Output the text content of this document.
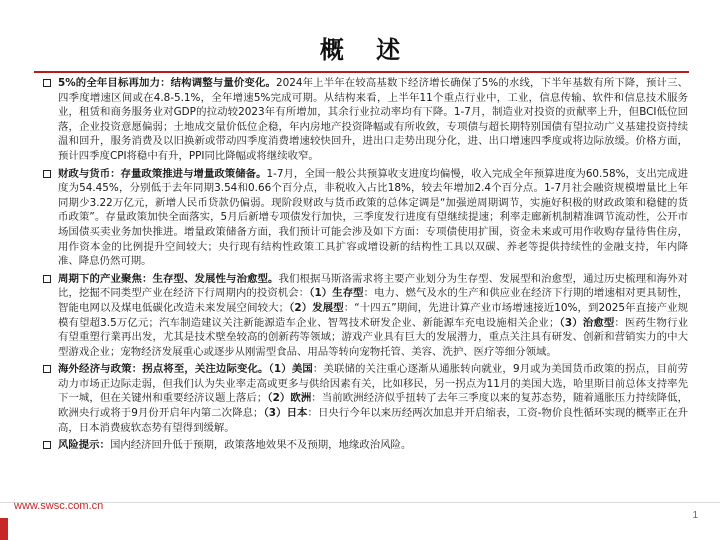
概 述
5%的全年目标再加力：结构调整与量价变化。2024年上半年在较高基数下经济增长确保了5%的水线，下半年基数有所下降，预计三、四季度增速区间或在4.8-5.1%，全年增速5%完成可期。从结构来看，上半年11个重点行业中，工业，信息传输、软件和信息技术服务业，租赁和商务服务业对GDP的拉动较2023年有所增加，其余行业拉动率均有下降。1-7月，制造业对投资的贡献率上升，但BCI低位回落，企业投资意愿偏弱；土地成交量价低位企稳，年内房地产投资降幅或有所收敛，专项债与超长期特别国债有望拉动广义基建投资持续温和回升，服务消费及以旧换新或带动四季度消费增速较快回升，进出口走势出现分化，进、出口增速四季度或将边际放缓。价格方面，预计四季度CPI将稳中有升，PPI同比降幅或将继续收窄。
财政与货币：存量政策推进与增量政策储备。1-7月，全国一般公共预算收支进度均偏慢，收入完成全年预算进度为60.58%，支出完成进度为54.45%，分别低于去年同期3.54和0.66个百分点，非税收入占比18%，较去年增加2.4个百分点。1-7月社会融资规模增量比上年同期少3.22万亿元，新增人民币贷款仍偏弱。现阶段财政与货币政策的总体定调是“加强逆周期调节，实施好积极的财政政策和稳健的货币政策”。存量政策加快全面落实，5月后新增专项债发行加快，三季度发行进度有望继续提速；利率走廊新机制精准调节流动性，公开市场国债买卖业务加快推进。增量政策储备方面，我们预计可能会涉及如下方面：专项债使用扩围，资金未来或可用作收购存量待售住房，用作资本金的比例提升空间较大；央行现有结构性政策工具扩容或增设新的结构性工具以双碳、养老等提供持续性的金融支持，年内降准、降息仍然可期。
周期下的产业聚焦：生存型、发展性与治愈型。我们根据马斯洛需求将主要产业划分为生存型、发展型和治愈型，通过历史梳理和海外对比，挖掘不同类型产业在经济下行周期内的投资机会：（1）生存型：电力、燃气及水的生产和供应业在经济下行期的增速相对更具韧性，智能电网以及煤电低碳化改造未来发展空间较大；（2）发展型：“十四五”期间，先进计算产业市场增速接近10%，到2025年直接产业规模有望超3.5万亿元；汽车制造建议关注新能源造车企业、智驾技术研发企业、新能源车充电设施相关企业；（3）治愈型：医药生物行业有望重塑行業再出发，尤其是技术壁垒较高的创新药等领域；游戏产业具有巨大的发展潜力，重点关注具有研发、创新和营销实力的中大型游戏企业；宠物经济发展重心或逐步从刚需型食品、用品等转向宠物托管、美容、洗护、医疗等细分领域。
海外经济与政策：拐点将至，关注边际变化。（1）美国：美联储的关注重心逐渐从通胀转向就业，9月或为美国货币政策的拐点，目前劳动力市场正边际走弱，但我们认为失业率走高或更多与供给因素有关，比如移民，另一拐点为11月的美国大选，哈里斯目前总体支持率先下一城，但在关键州和重要经济议题上落后；（2）欧洲：当前欧洲经济似乎扭转了去年三季度以来的复苏态势，随着通胀压力持续降低，欧洲央行或将于9月份开启年内第二次降息；（3）日本：日央行今年以来历经两次加息并开启缩表，工资-物价良性循环实现的概率正在升高，日本消费疲软态势有望得到缓解。
风险提示：国内经济回升低于预期，政策落地效果不及预期，地缘政治风险。
www.swsc.com.cn
1
